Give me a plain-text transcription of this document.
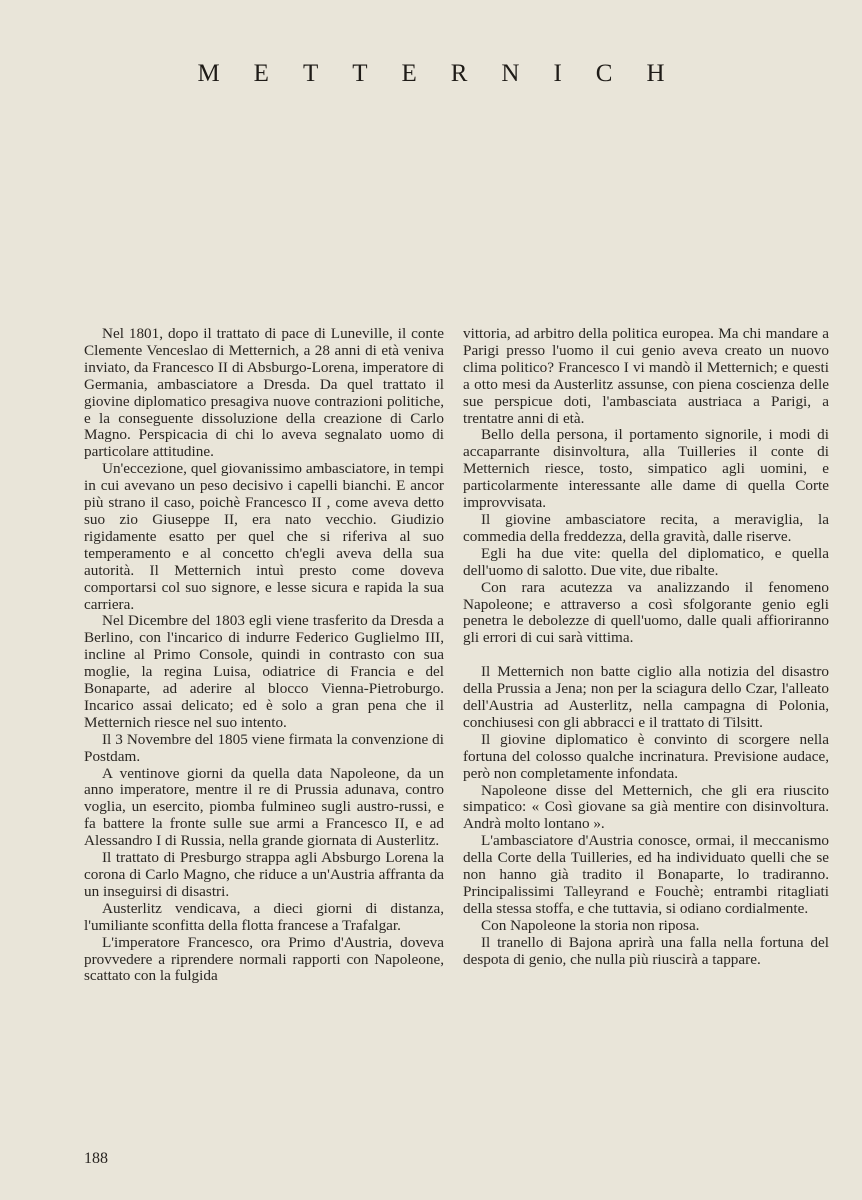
METTERNICH

Nel 1801, dopo il trattato di pace di Luneville, il conte Clemente Venceslao di Metternich, a 28 anni di età veniva inviato, da Francesco II di Absburgo-Lorena, imperatore di Germania, ambasciatore a Dresda. Da quel trattato il giovine diplomatico presagiva nuove contrazioni politiche, e la conseguente dissoluzione della creazione di Carlo Magno. Perspicacia di chi lo aveva segnalato uomo di particolare attitudine.

Un'eccezione, quel giovanissimo ambasciatore, in tempi in cui avevano un peso decisivo i capelli bianchi. E ancor più strano il caso, poichè Francesco II , come aveva detto suo zio Giuseppe II, era nato vecchio. Giudizio rigidamente esatto per quel che si riferiva al suo temperamento e al concetto ch'egli aveva della sua autorità. Il Metternich intuì presto come doveva comportarsi col suo signore, e lesse sicura e rapida la sua carriera.

Nel Dicembre del 1803 egli viene trasferito da Dresda a Berlino, con l'incarico di indurre Federico Guglielmo III, incline al Primo Console, quindi in contrasto con sua moglie, la regina Luisa, odiatrice di Francia e del Bonaparte, ad aderire al blocco Vienna-Pietroburgo. Incarico assai delicato; ed è solo a gran pena che il Metternich riesce nel suo intento.

Il 3 Novembre del 1805 viene firmata la convenzione di Postdam.

A ventinove giorni da quella data Napoleone, da un anno imperatore, mentre il re di Prussia adunava, contro voglia, un esercito, piomba fulmineo sugli austro-russi, e fa battere la fronte sulle sue armi a Francesco II, e ad Alessandro I di Russia, nella grande giornata di Austerlitz.

Il trattato di Presburgo strappa agli Absburgo Lorena la corona di Carlo Magno, che riduce a un'Austria affranta da un inseguirsi di disastri.

Austerlitz vendicava, a dieci giorni di distanza, l'umiliante sconfitta della flotta francese a Trafalgar.

L'imperatore Francesco, ora Primo d'Austria, doveva provvedere a riprendere normali rapporti con Napoleone, scattato con la fulgida

vittoria, ad arbitro della politica europea. Ma chi mandare a Parigi presso l'uomo il cui genio aveva creato un nuovo clima politico? Francesco I vi mandò il Metternich; e questi a otto mesi da Austerlitz assunse, con piena coscienza delle sue perspicue doti, l'ambasciata austriaca a Parigi, a trentatre anni di età.

Bello della persona, il portamento signorile, i modi di accaparrante disinvoltura, alla Tuilleries il conte di Metternich riesce, tosto, simpatico agli uomini, e particolarmente interessante alle dame di quella Corte improvvisata.

Il giovine ambasciatore recita, a meraviglia, la commedia della freddezza, della gravità, dalle riserve.

Egli ha due vite: quella del diplomatico, e quella dell'uomo di salotto. Due vite, due ribalte.

Con rara acutezza va analizzando il fenomeno Napoleone; e attraverso a così sfolgorante genio egli penetra le debolezze di quell'uomo, dalle quali affioriranno gli errori di cui sarà vittima.

Il Metternich non batte ciglio alla notizia del disastro della Prussia a Jena; non per la sciagura dello Czar, l'alleato dell'Austria ad Austerlitz, nella campagna di Polonia, conchiusesi con gli abbracci e il trattato di Tilsitt.

Il giovine diplomatico è convinto di scorgere nella fortuna del colosso qualche incrinatura. Previsione audace, però non completamente infondata.

Napoleone disse del Metternich, che gli era riuscito simpatico: « Così giovane sa già mentire con disinvoltura. Andrà molto lontano ».

L'ambasciatore d'Austria conosce, ormai, il meccanismo della Corte della Tuilleries, ed ha individuato quelli che se non hanno già tradito il Bonaparte, lo tradiranno. Principalissimi Talleyrand e Fouchè; entrambi ritagliati della stessa stoffa, e che tuttavia, si odiano cordialmente.

Con Napoleone la storia non riposa.

Il tranello di Bajona aprirà una falla nella fortuna del despota di genio, che nulla più riuscirà a tappare.

188
